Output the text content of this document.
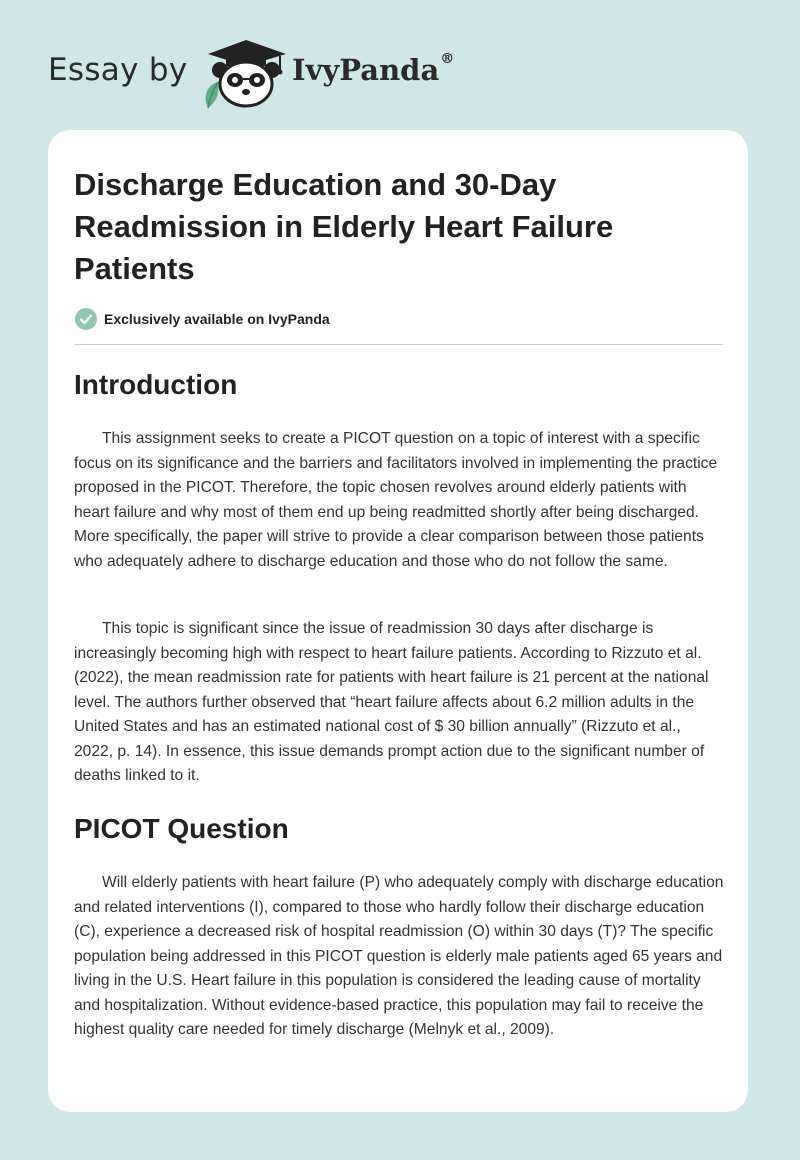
Essay by	IvyPanda®
Discharge Education and 30-Day Readmission in Elderly Heart Failure Patients
Exclusively available on IvyPanda
Introduction

This assignment seeks to create a PICOT question on a topic of interest with a specific focus on its significance and the barriers and facilitators involved in implementing the practice proposed in the PICOT. Therefore, the topic chosen revolves around elderly patients with heart failure and why most of them end up being readmitted shortly after being discharged. More specifically, the paper will strive to provide a clear comparison between those patients who adequately adhere to discharge education and those who do not follow the same.

This topic is significant since the issue of readmission 30 days after discharge is increasingly becoming high with respect to heart failure patients. According to Rizzuto et al. (2022), the mean readmission rate for patients with heart failure is 21 percent at the national level. The authors further observed that “heart failure affects about 6.2 million adults in the United States and has an estimated national cost of $ 30 billion annually” (Rizzuto et al., 2022, p. 14). In essence, this issue demands prompt action due to the significant number of deaths linked to it.

PICOT Question

Will elderly patients with heart failure (P) who adequately comply with discharge education and related interventions (I), compared to those who hardly follow their discharge education (C), experience a decreased risk of hospital readmission (O) within 30 days (T)? The specific population being addressed in this PICOT question is elderly male patients aged 65 years and living in the U.S. Heart failure in this population is considered the leading cause of mortality and hospitalization. Without evidence-based practice, this population may fail to receive the highest quality care needed for timely discharge (Melnyk et al., 2009).
